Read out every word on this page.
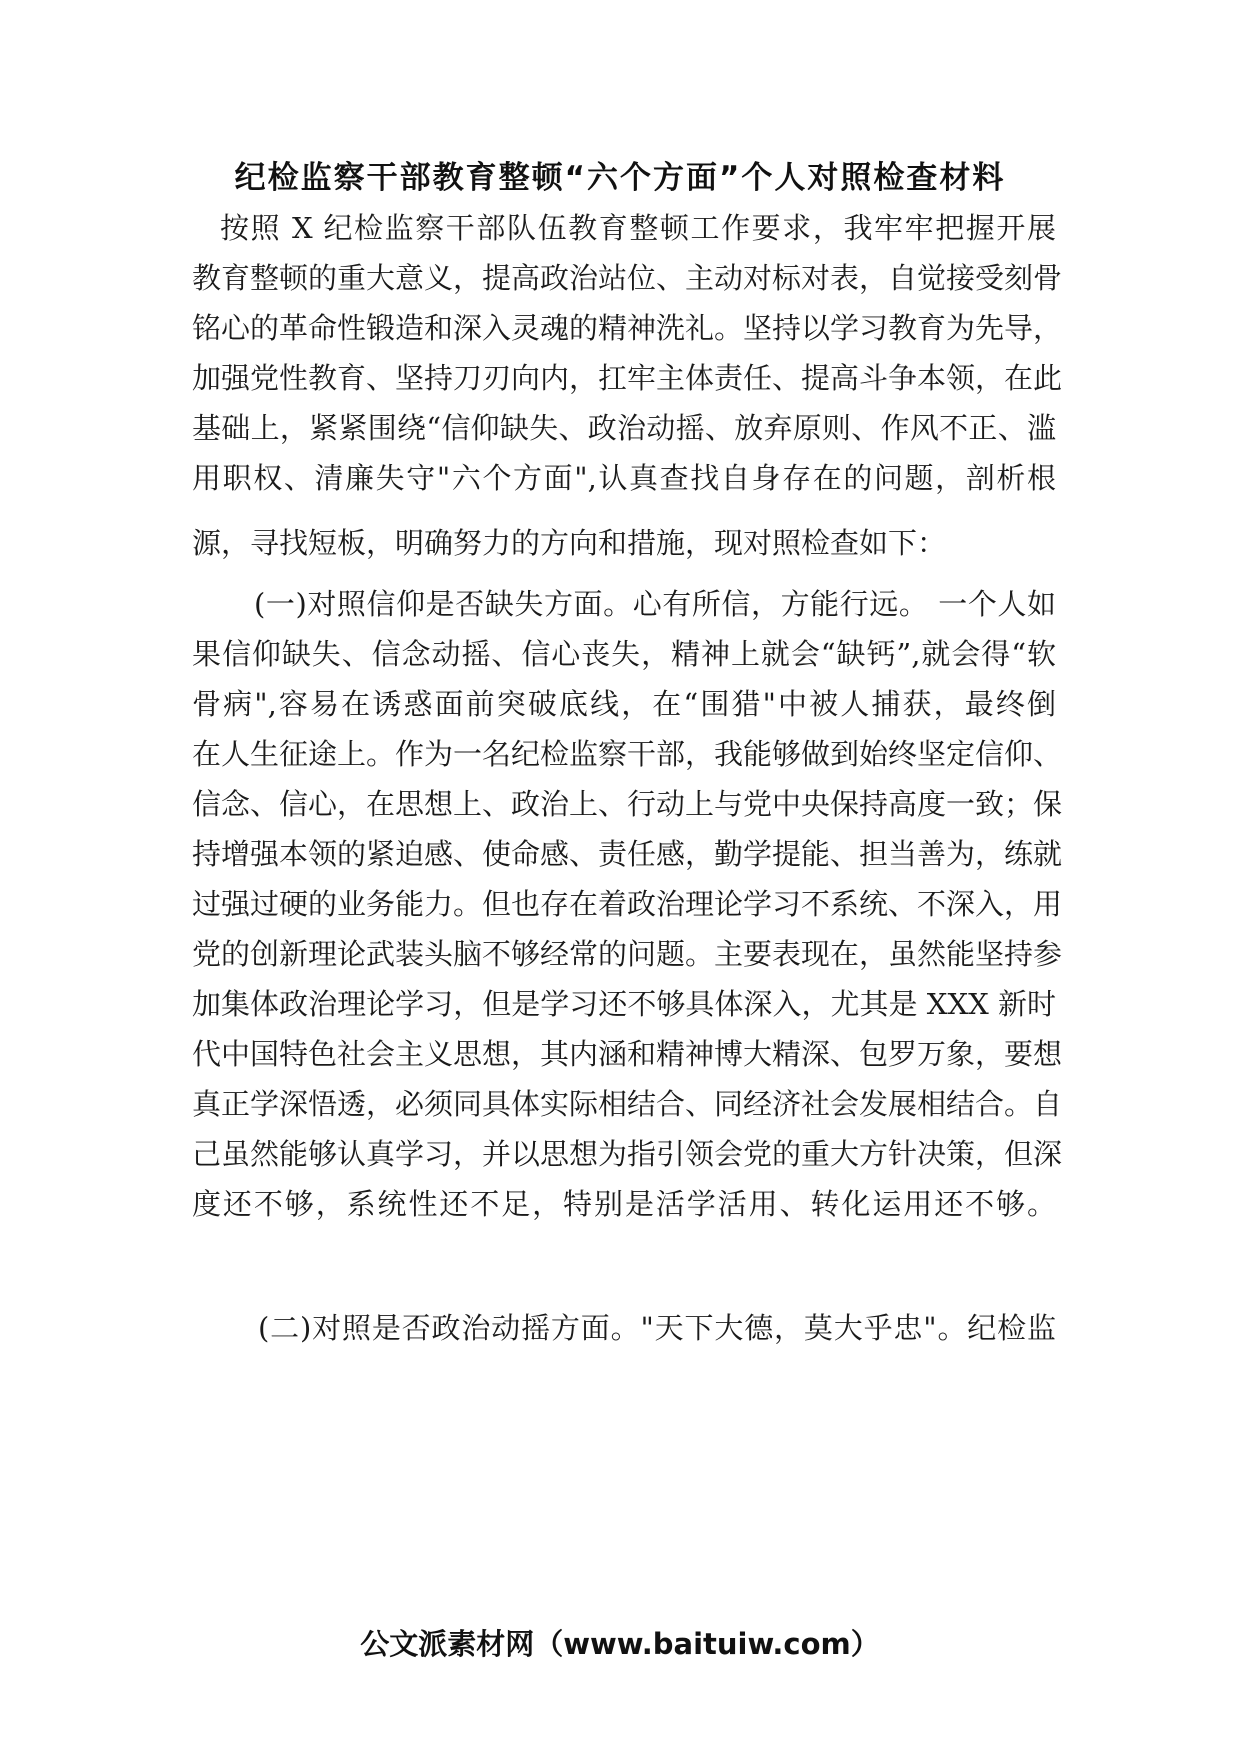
纪检监察干部教育整顿“六个方面”个人对照检查材料
按照 X 纪检监察干部队伍教育整顿工作要求，我牢牢把握开展
教育整顿的重大意义，提高政治站位、主动对标对表，自觉接受刻骨
铭心的革命性锻造和深入灵魂的精神洗礼。坚持以学习教育为先导，
加强党性教育、坚持刀刃向内，扛牢主体责任、提高斗争本领，在此
基础上，紧紧围绕“信仰缺失、政治动摇、放弃原则、作风不正、滥
用职权、清廉失守"六个方面",认真查找自身存在的问题，剖析根
源，寻找短板，明确努力的方向和措施，现对照检查如下：
(一)对照信仰是否缺失方面。心有所信，方能行远。 一个人如
果信仰缺失、信念动摇、信心丧失，精神上就会“缺钙”,就会得“软
骨病",容易在诱惑面前突破底线，在“围猎"中被人捕获，最终倒
在人生征途上。作为一名纪检监察干部，我能够做到始终坚定信仰、
信念、信心，在思想上、政治上、行动上与党中央保持高度一致；保
持增强本领的紧迫感、使命感、责任感，勤学提能、担当善为，练就
过强过硬的业务能力。但也存在着政治理论学习不系统、不深入，用
党的创新理论武装头脑不够经常的问题。主要表现在，虽然能坚持参
加集体政治理论学习，但是学习还不够具体深入，尤其是 XXX 新时
代中国特色社会主义思想，其内涵和精神博大精深、包罗万象，要想
真正学深悟透，必须同具体实际相结合、同经济社会发展相结合。自
己虽然能够认真学习，并以思想为指引领会党的重大方针决策，但深
度还不够，系统性还不足，特别是活学活用、转化运用还不够。
(二)对照是否政治动摇方面。"天下大德，莫大乎忠"。纪检监
公文派素材网（www.baituiw.com）
